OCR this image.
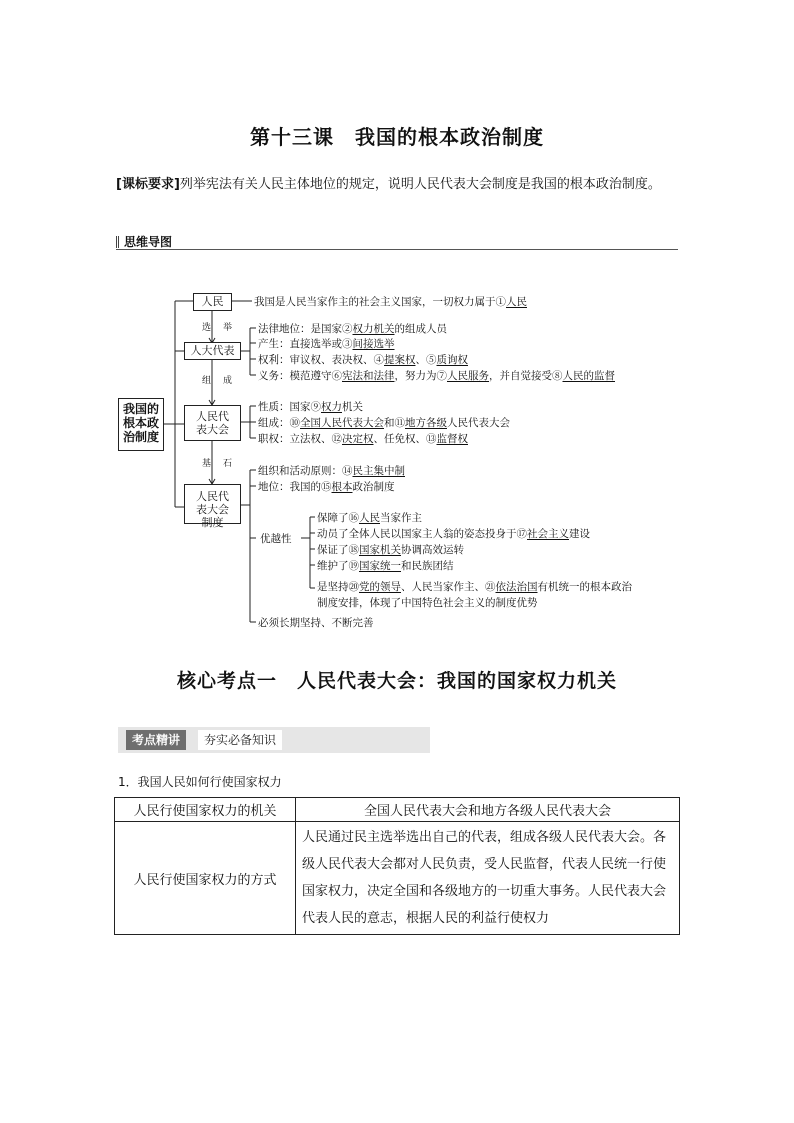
第十三课　我国的根本政治制度
[课标要求]列举宪法有关人民主体地位的规定，说明人民代表大会制度是我国的根本政治制度。
思维导图
我国的根本政治制度
人民
人大代表
人民代表大会
人民代表大会制度
选举
组成
基石
我国是人民当家作主的社会主义国家，一切权力属于①人民
法律地位：是国家②权力机关的组成人员
产生：直接选举或③间接选举
权利：审议权、表决权、④提案权、⑤质询权
义务：模范遵守⑥宪法和法律，努力为⑦人民服务，并自觉接受⑧人民的监督
性质：国家⑨权力机关
组成：⑩全国人民代表大会和⑪地方各级人民代表大会
职权：立法权、⑫决定权、任免权、⑬监督权
组织和活动原则：⑭民主集中制
地位：我国的⑮根本政治制度
优越性
保障了⑯人民当家作主
动员了全体人民以国家主人翁的姿态投身于⑰社会主义建设
保证了⑱国家机关协调高效运转
维护了⑲国家统一和民族团结
是坚持⑳党的领导、人民当家作主、㉑依法治国有机统一的根本政治
制度安排，体现了中国特色社会主义的制度优势
必须长期坚持、不断完善
核心考点一　人民代表大会：我国的国家权力机关
考点精讲	夯实必备知识
1．我国人民如何行使国家权力
人民行使国家权力的机关	全国人民代表大会和地方各级人民代表大会
人民行使国家权力的方式	人民通过民主选举选出自己的代表，组成各级人民代表大会。各级人民代表大会都对人民负责，受人民监督，代表人民统一行使国家权力，决定全国和各级地方的一切重大事务。人民代表大会代表人民的意志，根据人民的利益行使权力
